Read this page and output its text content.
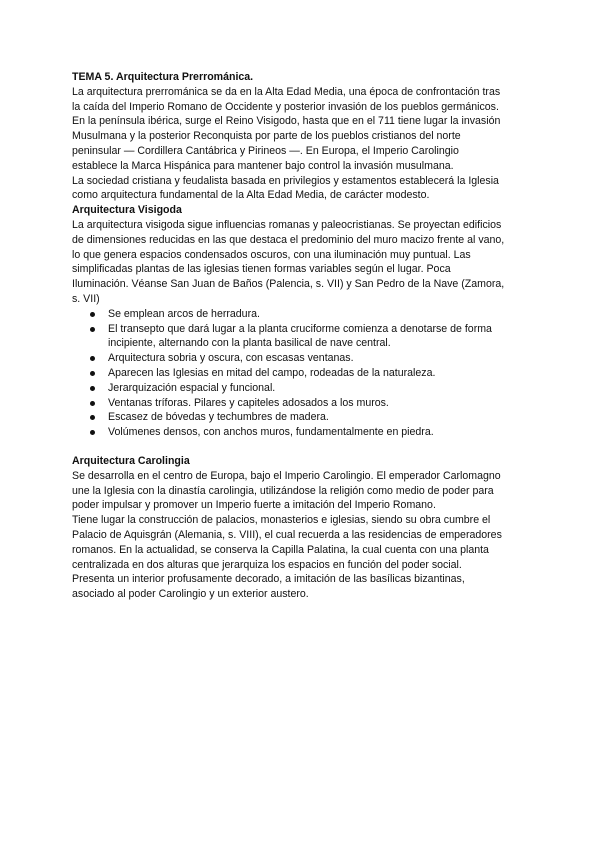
TEMA 5. Arquitectura Prerrománica.

La arquitectura prerrománica se da en la Alta Edad Media, una época de confrontación tras
la caída del Imperio Romano de Occidente y posterior invasión de los pueblos germánicos.
En la península ibérica, surge el Reino Visigodo, hasta que en el 711 tiene lugar la invasión
Musulmana y la posterior Reconquista por parte de los pueblos cristianos del norte
peninsular — Cordillera Cantábrica y Pirineos —. En Europa, el Imperio Carolingio
establece la Marca Hispánica para mantener bajo control la invasión musulmana.
La sociedad cristiana y feudalista basada en privilegios y estamentos establecerá la Iglesia
como arquitectura fundamental de la Alta Edad Media, de carácter modesto.

Arquitectura Visigoda

La arquitectura visigoda sigue influencias romanas y paleocristianas. Se proyectan edificios
de dimensiones reducidas en las que destaca el predominio del muro macizo frente al vano,
lo que genera espacios condensados oscuros, con una iluminación muy puntual. Las
simplificadas plantas de las iglesias tienen formas variables según el lugar. Poca
Iluminación. Véanse San Juan de Baños (Palencia, s. VII) y San Pedro de la Nave (Zamora,
s. VII)

Se emplean arcos de herradura.
El transepto que dará lugar a la planta cruciforme comienza a denotarse de forma
incipiente, alternando con la planta basilical de nave central.
Arquitectura sobria y oscura, con escasas ventanas.
Aparecen las Iglesias en mitad del campo, rodeadas de la naturaleza.
Jerarquización espacial y funcional.
Ventanas tríforas. Pilares y capiteles adosados a los muros.
Escasez de bóvedas y techumbres de madera.
Volúmenes densos, con anchos muros, fundamentalmente en piedra.

Arquitectura Carolingia

Se desarrolla en el centro de Europa, bajo el Imperio Carolingio. El emperador Carlomagno
une la Iglesia con la dinastía carolingia, utilizándose la religión como medio de poder para
poder impulsar y promover un Imperio fuerte a imitación del Imperio Romano.

Tiene lugar la construcción de palacios, monasterios e iglesias, siendo su obra cumbre el
Palacio de Aquisgrán (Alemania, s. VIII), el cual recuerda a las residencias de emperadores
romanos. En la actualidad, se conserva la Capilla Palatina, la cual cuenta con una planta
centralizada en dos alturas que jerarquiza los espacios en función del poder social.
Presenta un interior profusamente decorado, a imitación de las basílicas bizantinas,
asociado al poder Carolingio y un exterior austero.
